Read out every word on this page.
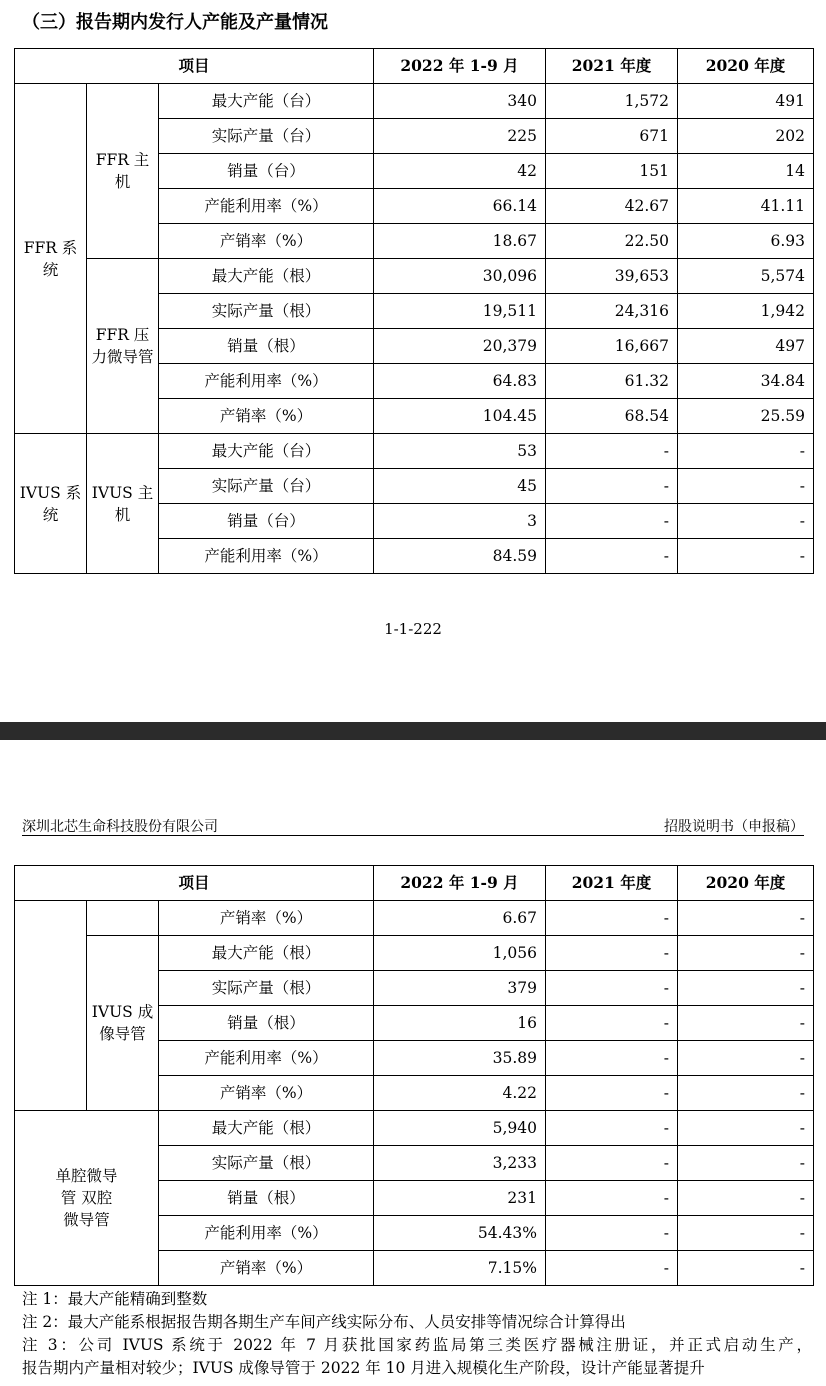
（三）报告期内发行人产能及产量情况
项目			2022 年 1-9 月	2021 年度	2020 年度
FFR 系统	FFR 主机	最大产能（台）	340	1,572	491
		实际产量（台）	225	671	202
		销量（台）	42	151	14
		产能利用率（%）	66.14	42.67	41.11
		产销率（%）	18.67	22.50	6.93
	FFR 压力微导管	最大产能（根）	30,096	39,653	5,574
		实际产量（根）	19,511	24,316	1,942
		销量（根）	20,379	16,667	497
		产能利用率（%）	64.83	61.32	34.84
		产销率（%）	104.45	68.54	25.59
IVUS 系统	IVUS 主机	最大产能（台）	53	-	-
		实际产量（台）	45	-	-
		销量（台）	3	-	-
		产能利用率（%）	84.59	-	-
1-1-222
深圳北芯生命科技股份有限公司	招股说明书（申报稿）
项目			2022 年 1-9 月	2021 年度	2020 年度
		产销率（%）	6.67	-	-
	IVUS 成像导管	最大产能（根）	1,056	-	-
		实际产量（根）	379	-	-
		销量（根）	16	-	-
		产能利用率（%）	35.89	-	-
		产销率（%）	4.22	-	-
单腔微导管 双腔微导管		最大产能（根）	5,940	-	-
		实际产量（根）	3,233	-	-
		销量（根）	231	-	-
		产能利用率（%）	54.43%	-	-
		产销率（%）	7.15%	-	-
注 1：最大产能精确到整数
注 2：最大产能系根据报告期各期生产车间产线实际分布、人员安排等情况综合计算得出
注 3：公司 IVUS 系统于 2022 年 7 月获批国家药监局第三类医疗器械注册证，并正式启动生产，
报告期内产量相对较少；IVUS 成像导管于 2022 年 10 月进入规模化生产阶段，设计产能显著提升
